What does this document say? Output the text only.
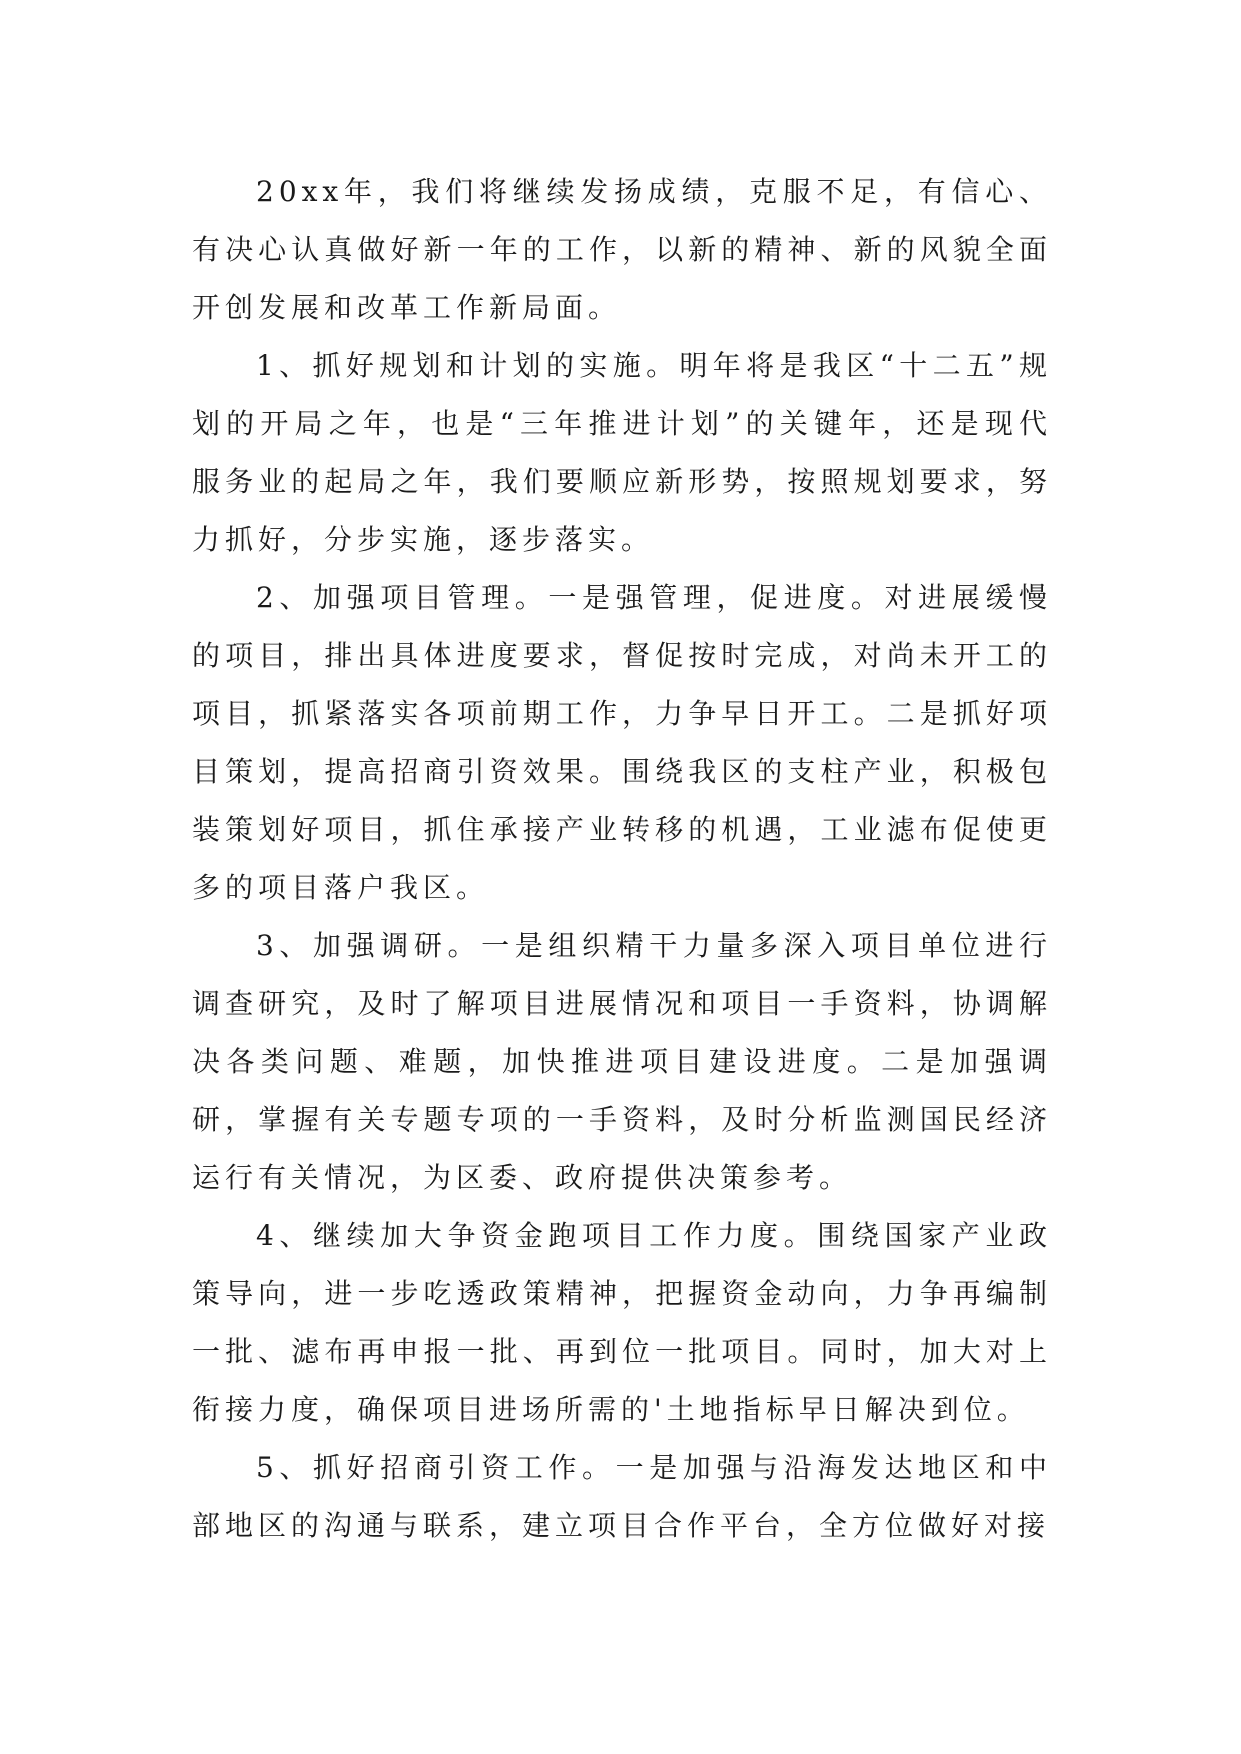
20xx年，我们将继续发扬成绩，克服不足，有信心、有决心认真做好新一年的工作，以新的精神、新的风貌全面开创发展和改革工作新局面。

1、抓好规划和计划的实施。明年将是我区“十二五”规划的开局之年，也是“三年推进计划”的关键年，还是现代服务业的起局之年，我们要顺应新形势，按照规划要求，努力抓好，分步实施，逐步落实。

2、加强项目管理。一是强管理，促进度。对进展缓慢的项目，排出具体进度要求，督促按时完成，对尚未开工的项目，抓紧落实各项前期工作，力争早日开工。二是抓好项目策划，提高招商引资效果。围绕我区的支柱产业，积极包装策划好项目，抓住承接产业转移的机遇，工业滤布促使更多的项目落户我区。

3、加强调研。一是组织精干力量多深入项目单位进行调查研究，及时了解项目进展情况和项目一手资料，协调解决各类问题、难题，加快推进项目建设进度。二是加强调研，掌握有关专题专项的一手资料，及时分析监测国民经济运行有关情况，为区委、政府提供决策参考。

4、继续加大争资金跑项目工作力度。围绕国家产业政策导向，进一步吃透政策精神，把握资金动向，力争再编制一批、滤布再申报一批、再到位一批项目。同时，加大对上衔接力度，确保项目进场所需的'土地指标早日解决到位。

5、抓好招商引资工作。一是加强与沿海发达地区和中部地区的沟通与联系，建立项目合作平台，全方位做好对接
